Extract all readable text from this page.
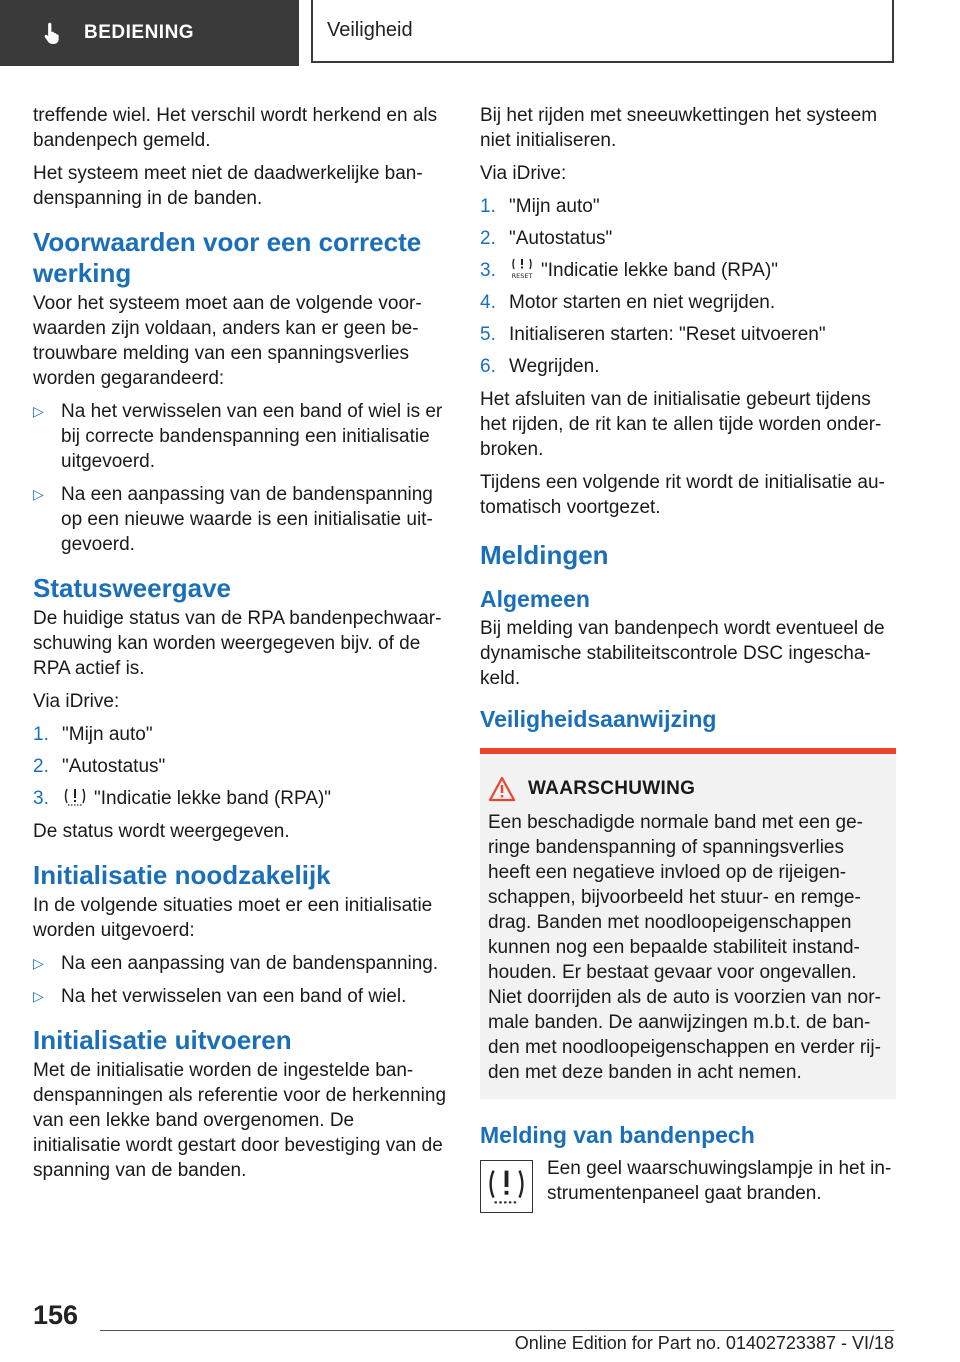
BEDIENING	Veiligheid

treffende wiel. Het verschil wordt herkend en als bandenpech gemeld.

Het systeem meet niet de daadwerkelijke bandenspanning in de banden.

Voorwaarden voor een correcte werking

Voor het systeem moet aan de volgende voorwaarden zijn voldaan, anders kan er geen betrouwbare melding van een spanningsverlies worden gegarandeerd:

▷ Na het verwisselen van een band of wiel is er bij correcte bandenspanning een initialisatie uitgevoerd.
▷ Na een aanpassing van de bandenspanning op een nieuwe waarde is een initialisatie uitgevoerd.
Statusweergave

De huidige status van de RPA bandenpechwaarschuwing kan worden weergegeven bijv. of de RPA actief is.

Via iDrive:

1. "Mijn auto"
2. "Autostatus"
3. "Indicatie lekke band (RPA)"

De status wordt weergegeven.

Initialisatie noodzakelijk

In de volgende situaties moet er een initialisatie worden uitgevoerd:

▷ Na een aanpassing van de bandenspanning.
▷ Na het verwisselen van een band of wiel.
Initialisatie uitvoeren

Met de initialisatie worden de ingestelde bandenspanningen als referentie voor de herkenning van een lekke band overgenomen. De initialisatie wordt gestart door bevestiging van de spanning van de banden.

Bij het rijden met sneeuwkettingen het systeem niet initialiseren.

Via iDrive:

1. "Mijn auto"
2. "Autostatus"
3. RESET "Indicatie lekke band (RPA)"
4. Motor starten en niet wegrijden.
5. Initialiseren starten: "Reset uitvoeren"
6. Wegrijden.

Het afsluiten van de initialisatie gebeurt tijdens het rijden, de rit kan te allen tijde worden onderbroken.

Tijdens een volgende rit wordt de initialisatie automatisch voortgezet.

Meldingen
Algemeen

Bij melding van bandenpech wordt eventueel de dynamische stabiliteitscontrole DSC ingeschakeld.

Veiligheidsaanwijzing
WAARSCHUWING

Een beschadigde normale band met een geringe bandenspanning of spanningsverlies heeft een negatieve invloed op de rijeigenschappen, bijvoorbeeld het stuur- en remgedrag. Banden met noodloopeigenschappen kunnen nog een bepaalde stabiliteit instandhouden. Er bestaat gevaar voor ongevallen. Niet doorrijden als de auto is voorzien van normale banden. De aanwijzingen m.b.t. de banden met noodloopeigenschappen en verder rijden met deze banden in acht nemen.

Melding van bandenpech

Een geel waarschuwingslampje in het instrumentenpaneel gaat branden.

156
Online Edition for Part no. 01402723387 - VI/18
